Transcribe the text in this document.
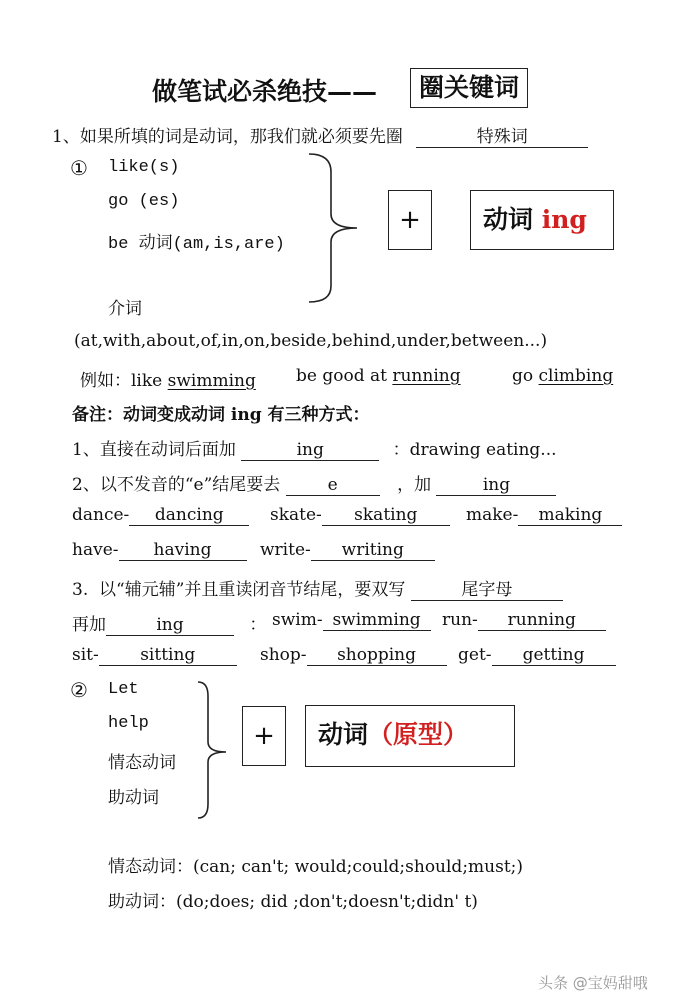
做笔试必杀绝技——	圈关键词
1、如果所填的词是动词，那我们就必须要先圈	特殊词
① like(s)
go (es)
be 动词(am,is,are)
介词
+	动词 ing
(at,with,about,of,in,on,beside,behind,under,between...)
例如：like swimming be good at running	go climbing
备注：动词变成动词 ing 有三种方式：
1、直接在动词后面加	ing	：drawing eating...
2、以不发音的“e”结尾要去	e	，加	ing
dance- dancing	skate- skating	make- making
have- having	write- writing
3.  以“辅元辅”并且重读闭音节结尾，要双写	尾字母
再加	ing	： swim- swimming	run- running
sit- sitting	shop- shopping	get- getting
② Let
help
情态动词
助动词
+	动词（原型）
情态动词：(can; can't; would;could;should;must;)
助动词：(do;does; did ;don't;doesn't;didn' t)
头条 @宝妈甜哦
